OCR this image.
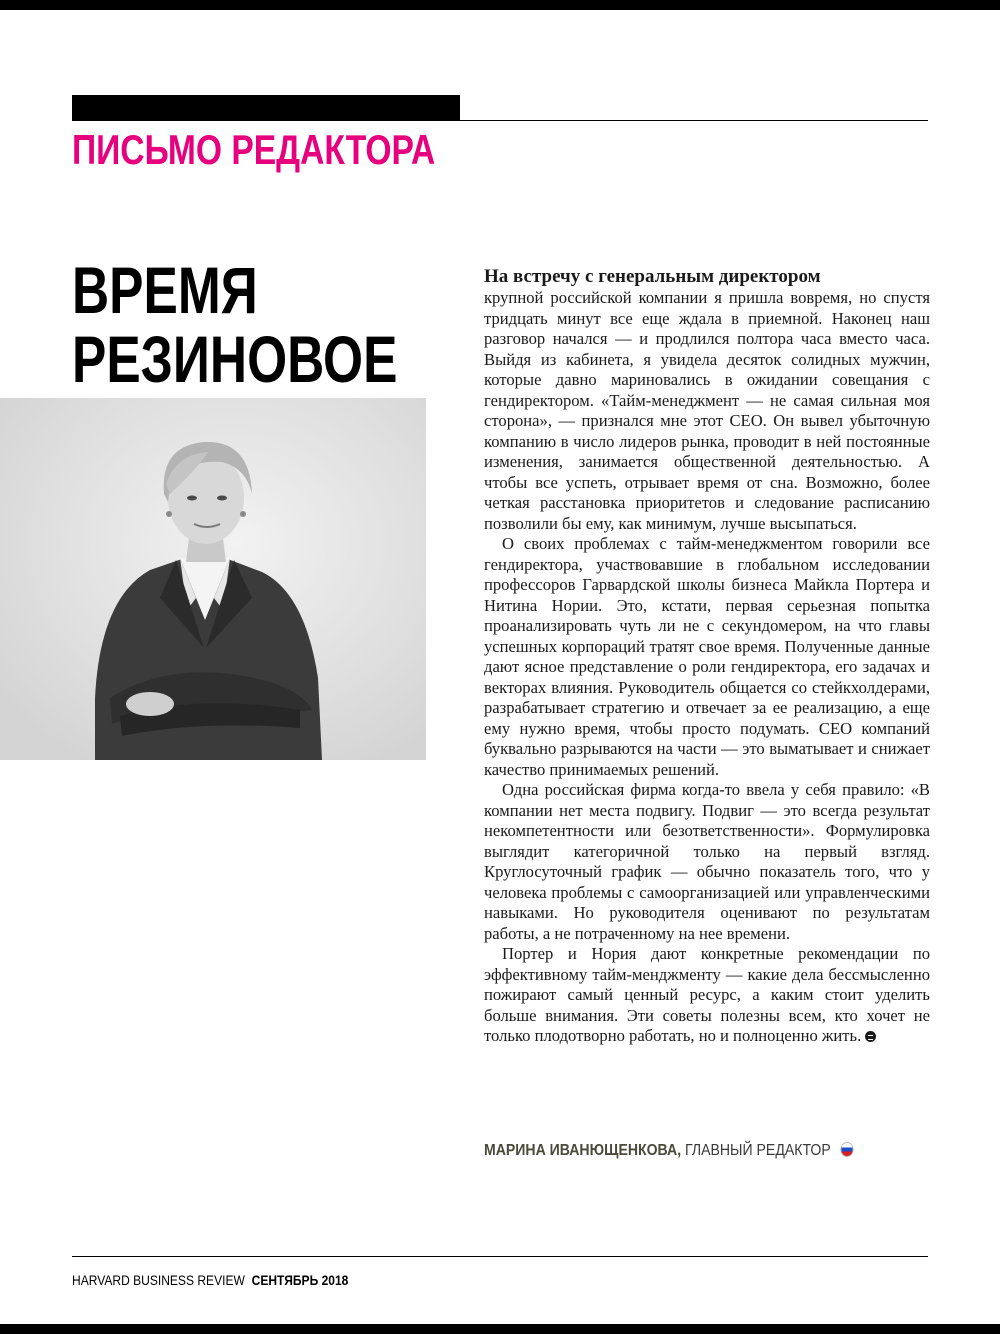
ПИСЬМО РЕДАКТОРА
ВРЕМЯ
РЕЗИНОВОЕ

На встречу с генеральным директором
крупной российской компании я пришла вовремя, но спустя тридцать минут все еще ждала в приемной. Наконец наш разговор начался — и продлился полтора часа вместо часа. Выйдя из кабинета, я увидела десяток солидных мужчин, которые давно мариновались в ожидании совещания с гендиректором. «Тайм-менеджмент — не самая сильная моя сторона», — признался мне этот CEO. Он вывел убыточную компанию в число лидеров рынка, проводит в ней постоянные изменения, занимается общественной деятельностью. А чтобы все успеть, отрывает время от сна. Возможно, более четкая расстановка приоритетов и следование расписанию позволили бы ему, как минимум, лучше высыпаться.

О своих проблемах с тайм-менеджментом говорили все гендиректора, участвовавшие в глобальном исследовании профессоров Гарвардской школы бизнеса Майкла Портера и Нитина Нории. Это, кстати, первая серьезная попытка проанализировать чуть ли не с секундомером, на что главы успешных корпораций тратят свое время. Полученные данные дают ясное представление о роли гендиректора, его задачах и векторах влияния. Руководитель общается со стейкхолдерами, разрабатывает стратегию и отвечает за ее реализацию, а еще ему нужно время, чтобы просто подумать. CEO компаний буквально разрываются на части — это выматывает и снижает качество принимаемых решений.

Одна российская фирма когда-то ввела у себя правило: «В компании нет места подвигу. Подвиг — это всегда результат некомпетентности или безответственности». Формулировка выглядит категоричной только на первый взгляд. Круглосуточный график — обычно показатель того, что у человека проблемы с самоорганизацией или управленческими навыками. Но руководителя оценивают по результатам работы, а не потраченному на нее времени.

Портер и Нория дают конкретные рекомендации по эффективному тайм-менджменту — какие дела бессмысленно пожирают самый ценный ресурс, а каким стоит уделить больше внимания. Эти советы полезны всем, кто хочет не только плодотворно работать, но и полноценно жить.

МАРИНА ИВАНЮЩЕНКОВА, ГЛАВНЫЙ РЕДАКТОР
HARVARD BUSINESS REVIEW СЕНТЯБРЬ 2018
